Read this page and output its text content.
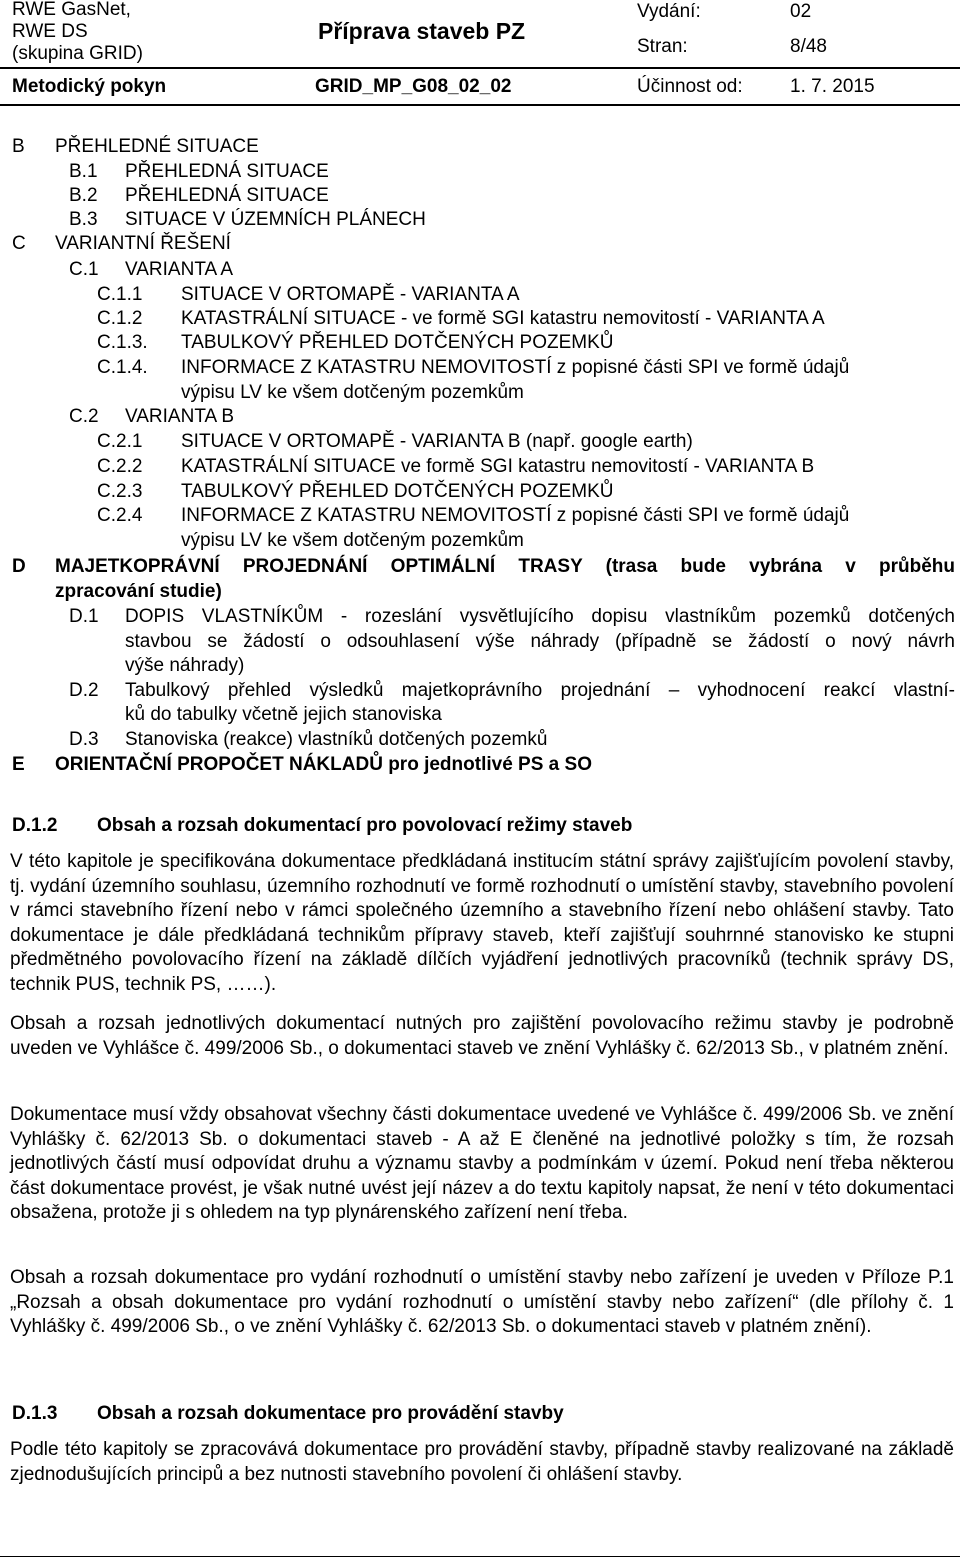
RWE GasNet,
RWE DS
(skupina GRID)
Příprava staveb PZ
Vydání:	02
Stran:	8/48
Metodický pokyn	GRID_MP_G08_02_02	Účinnost od: 1. 7. 2015
B PŘEHLEDNÉ SITUACE
B.1 PŘEHLEDNÁ SITUACE
B.2 PŘEHLEDNÁ SITUACE
B.3 SITUACE V ÚZEMNÍCH PLÁNECH
C VARIANTNÍ ŘEŠENÍ
C.1 VARIANTA A
C.1.1 SITUACE V ORTOMAPĚ - VARIANTA A
C.1.2 KATASTRÁLNÍ SITUACE - ve formě SGI katastru nemovitostí - VARIANTA A
C.1.3. TABULKOVÝ PŘEHLED DOTČENÝCH POZEMKŮ
C.1.4. INFORMACE Z KATASTRU NEMOVITOSTÍ z popisné části SPI ve formě údajů
výpisu LV ke všem dotčeným pozemkům
C.2 VARIANTA B
C.2.1 SITUACE V ORTOMAPĚ - VARIANTA B (např. google earth)
C.2.2 KATASTRÁLNÍ SITUACE ve formě SGI katastru nemovitostí - VARIANTA B
C.2.3 TABULKOVÝ PŘEHLED DOTČENÝCH POZEMKŮ
C.2.4 INFORMACE Z KATASTRU NEMOVITOSTÍ z popisné části SPI ve formě údajů
výpisu LV ke všem dotčeným pozemkům
D MAJETKOPRÁVNÍ PROJEDNÁNÍ OPTIMÁLNÍ TRASY (trasa bude vybrána v průběhu
zpracování studie)
D.1 DOPIS VLASTNÍKŮM - rozeslání vysvětlujícího dopisu vlastníkům pozemků dotčených
stavbou se žádostí o odsouhlasení výše náhrady (případně se žádostí o nový návrh
výše náhrady)
D.2 Tabulkový přehled výsledků majetkoprávního projednání – vyhodnocení reakcí vlastní-
ků do tabulky včetně jejich stanoviska
D.3 Stanoviska (reakce) vlastníků dotčených pozemků
E ORIENTAČNÍ PROPOČET NÁKLADŮ pro jednotlivé PS a SO
D.1.2 Obsah a rozsah dokumentací pro povolovací režimy staveb

V této kapitole je specifikována dokumentace předkládaná institucím státní správy zajišťujícím povolení stavby, tj. vydání územního souhlasu, územního rozhodnutí ve formě rozhodnutí o umístění stavby, stavebního povolení v rámci stavebního řízení nebo v rámci společného územního a stavebního řízení nebo ohlášení stavby. Tato dokumentace je dále předkládaná technikům přípravy staveb, kteří zajišťují souhrnné stanovisko ke stupni předmětného povolovacího řízení na základě dílčích vyjádření jednotlivých pracovníků (technik správy DS, technik PUS, technik PS, ……).

Obsah a rozsah jednotlivých dokumentací nutných pro zajištění povolovacího režimu stavby je podrobně uveden ve Vyhlášce č. 499/2006 Sb., o dokumentaci staveb ve znění Vyhlášky č. 62/2013 Sb., v platném znění.

Dokumentace musí vždy obsahovat všechny části dokumentace uvedené ve Vyhlášce č. 499/2006 Sb. ve znění Vyhlášky č. 62/2013 Sb. o dokumentaci staveb - A až E členěné na jednotlivé položky s tím, že rozsah jednotlivých částí musí odpovídat druhu a významu stavby a podmínkám v území. Pokud není třeba některou část dokumentace provést, je však nutné uvést její název a do textu kapitoly napsat, že není v této dokumentaci obsažena, protože ji s ohledem na typ plynárenského zařízení není třeba.

Obsah a rozsah dokumentace pro vydání rozhodnutí o umístění stavby nebo zařízení je uveden v Příloze P.1 „Rozsah a obsah dokumentace pro vydání rozhodnutí o umístění stavby nebo zařízení“ (dle přílohy č. 1 Vyhlášky č. 499/2006 Sb., o ve znění Vyhlášky č. 62/2013 Sb. o dokumentaci staveb v platném znění).

D.1.3 Obsah a rozsah dokumentace pro provádění stavby

Podle této kapitoly se zpracovává dokumentace pro provádění stavby, případně stavby realizované na základě zjednodušujících principů a bez nutnosti stavebního povolení či ohlášení stavby.
